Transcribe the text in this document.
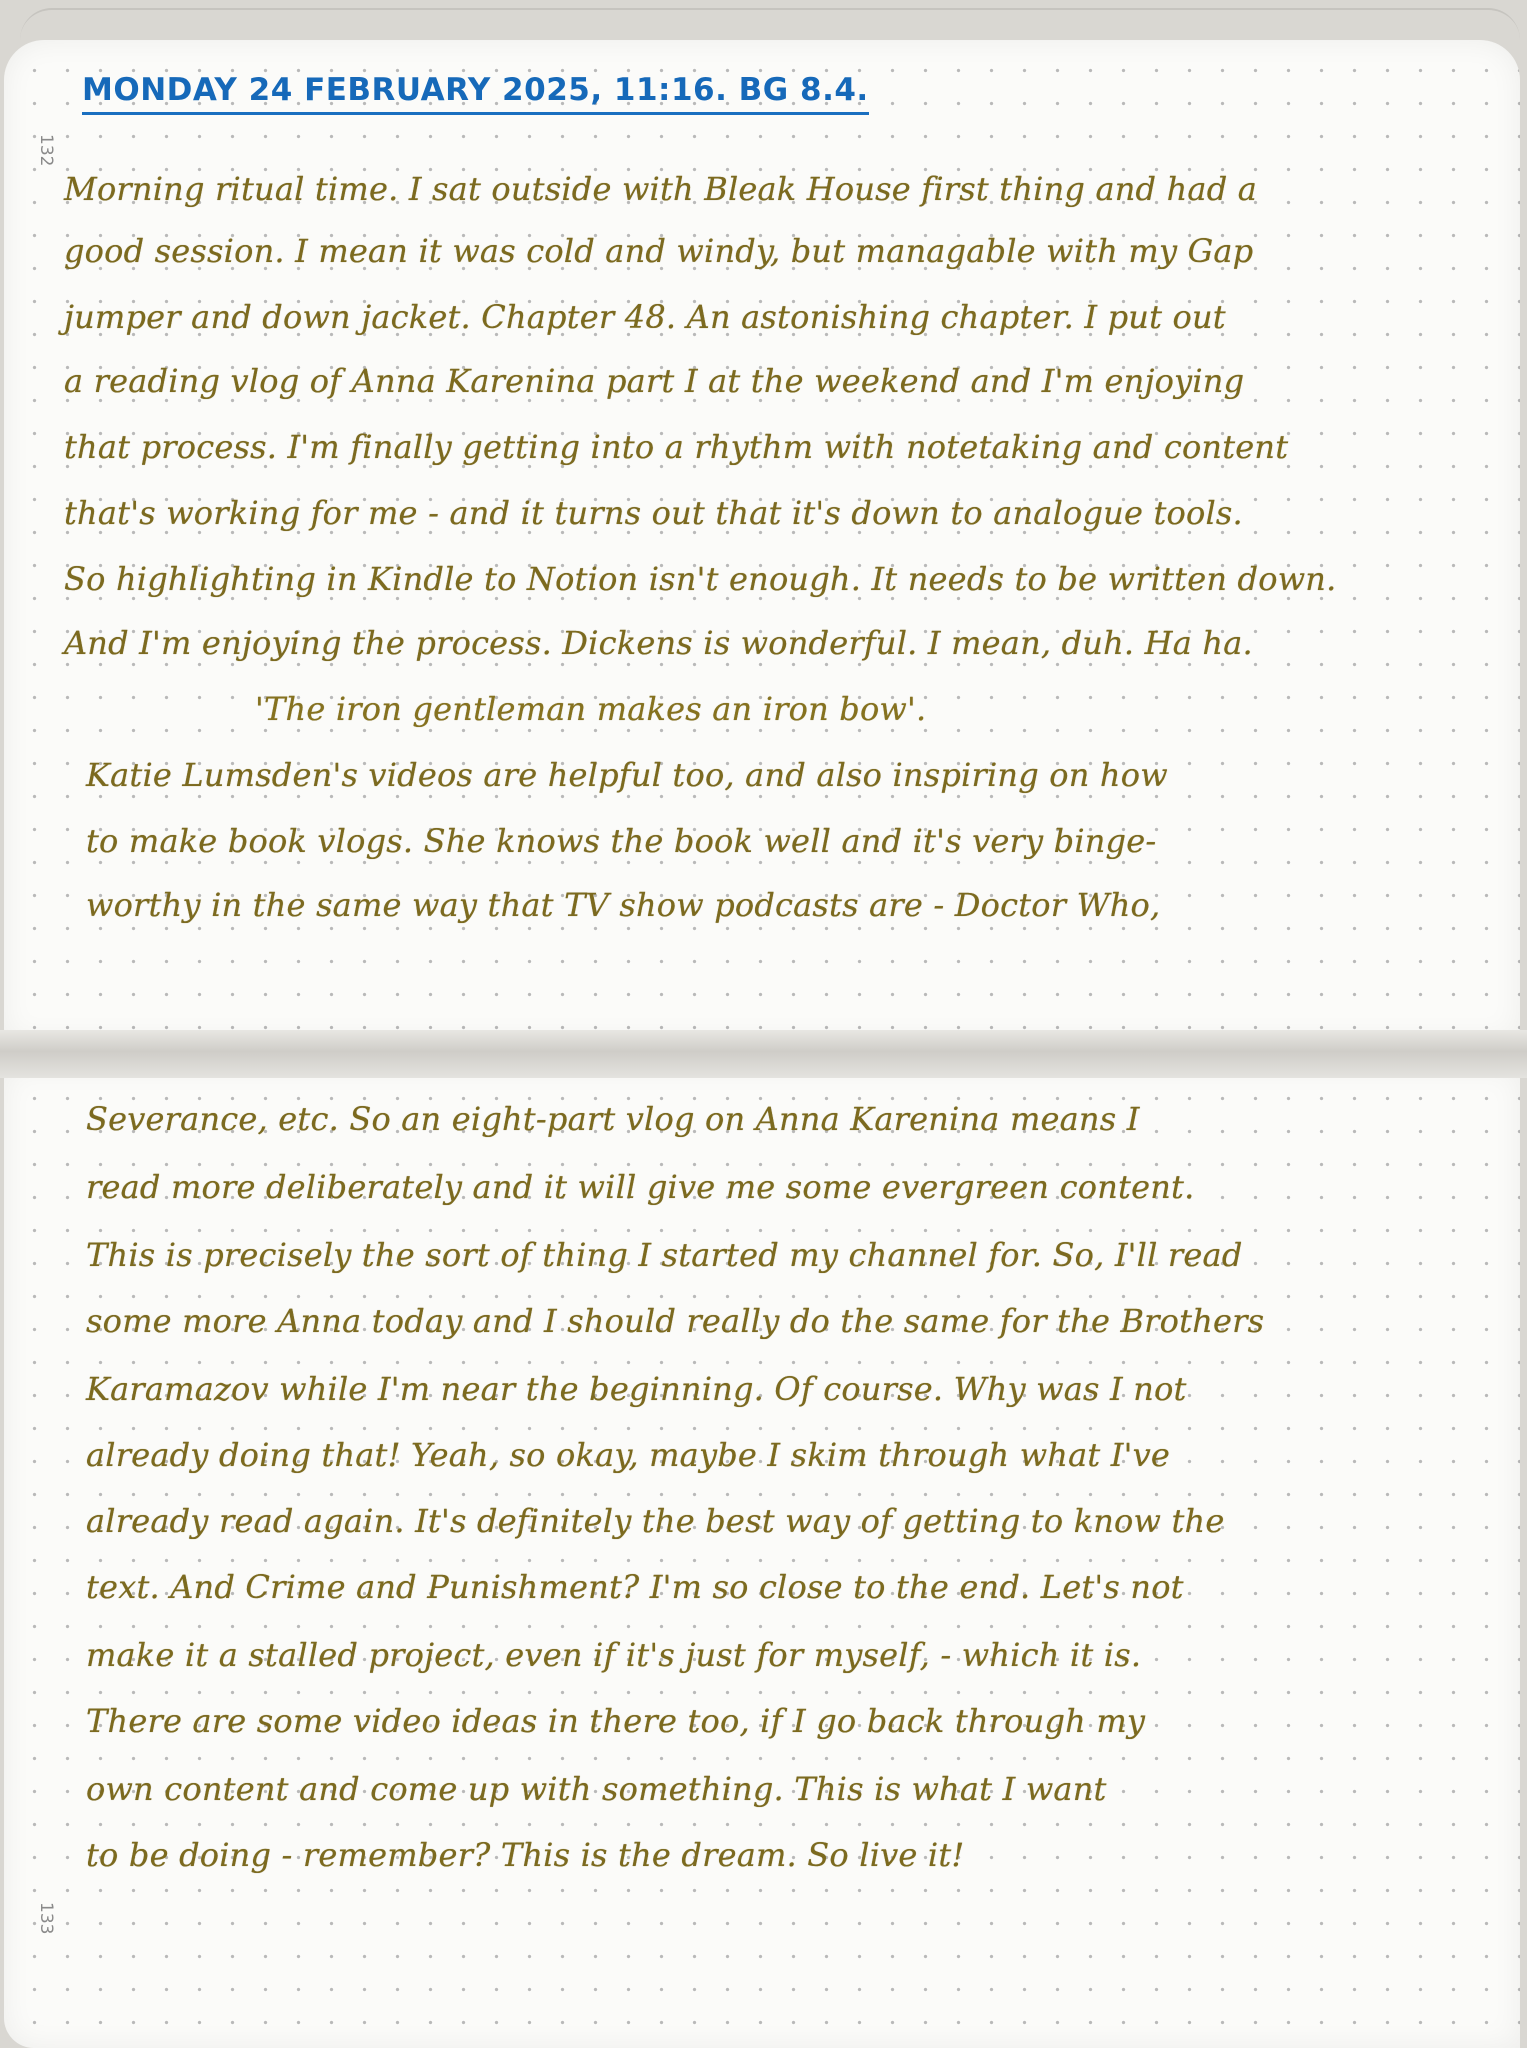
132
133
MONDAY 24 FEBRUARY 2025, 11:16. BG 8.4.
Morning ritual time. I sat outside with Bleak House first thing and had a
good session. I mean it was cold and windy, but managable with my Gap
jumper and down jacket. Chapter 48. An astonishing chapter. I put out
a reading vlog of Anna Karenina part I at the weekend and I'm enjoying
that process. I'm finally getting into a rhythm with notetaking and content
that's working for me - and it turns out that it's down to analogue tools.
So highlighting in Kindle to Notion isn't enough. It needs to be written down.
And I'm enjoying the process. Dickens is wonderful. I mean, duh. Ha ha.
'The iron gentleman makes an iron bow'.
Katie Lumsden's videos are helpful too, and also inspiring on how
to make book vlogs. She knows the book well and it's very binge-
worthy in the same way that TV show podcasts are - Doctor Who,
Severance, etc. So an eight-part vlog on Anna Karenina means I
read more deliberately and it will give me some evergreen content.
This is precisely the sort of thing I started my channel for. So, I'll read
some more Anna today and I should really do the same for the Brothers
Karamazov while I'm near the beginning. Of course. Why was I not
already doing that! Yeah, so okay, maybe I skim through what I've
already read again. It's definitely the best way of getting to know the
text. And Crime and Punishment? I'm so close to the end. Let's not
make it a stalled project, even if it's just for myself, - which it is.
There are some video ideas in there too, if I go back through my
own content and come up with something. This is what I want
to be doing - remember? This is the dream. So live it!
